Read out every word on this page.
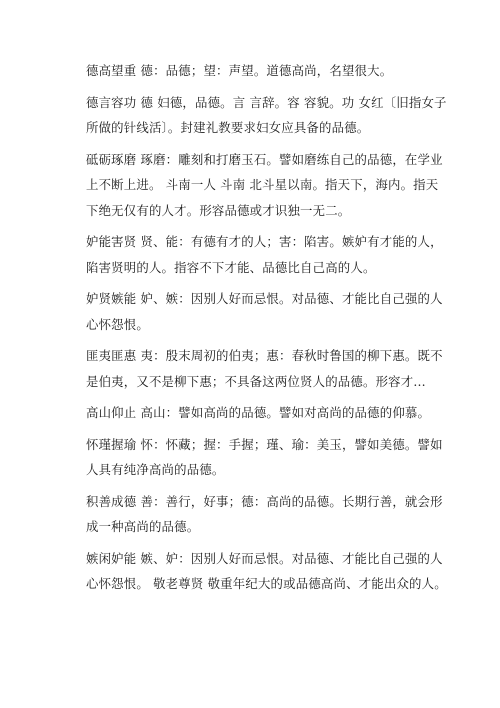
德高望重 德：品德；望：声望。道德高尚，名望很大。

德言容功 德 妇德，品德。言 言辞。容 容貌。功 女红〔旧指女子所做的针线活〕。封建礼教要求妇女应具备的品德。

砥砺琢磨 琢磨：雕刻和打磨玉石。譬如磨练自己的品德，在学业上不断上进。 斗南一人 斗南 北斗星以南。指天下，海内。指天下绝无仅有的人才。形容品德或才识独一无二。

妒能害贤 贤、能：有德有才的人；害：陷害。嫉妒有才能的人，陷害贤明的人。指容不下才能、品德比自己高的人。

妒贤嫉能 妒、嫉：因别人好而忌恨。对品德、才能比自己强的人心怀怨恨。

匪夷匪惠 夷：殷末周初的伯夷；惠：春秋时鲁国的柳下惠。既不是伯夷，又不是柳下惠；不具备这两位贤人的品德。形容才...

高山仰止 高山：譬如高尚的品德。譬如对高尚的品德的仰慕。

怀瑾握瑜 怀：怀藏；握：手握；瑾、瑜：美玉，譬如美德。譬如人具有纯净高尚的品德。

积善成德 善：善行，好事；德：高尚的品德。长期行善，就会形成一种高尚的品德。

嫉闲妒能 嫉、妒：因别人好而忌恨。对品德、才能比自己强的人心怀怨恨。 敬老尊贤 敬重年纪大的或品德高尚、才能出众的人。
